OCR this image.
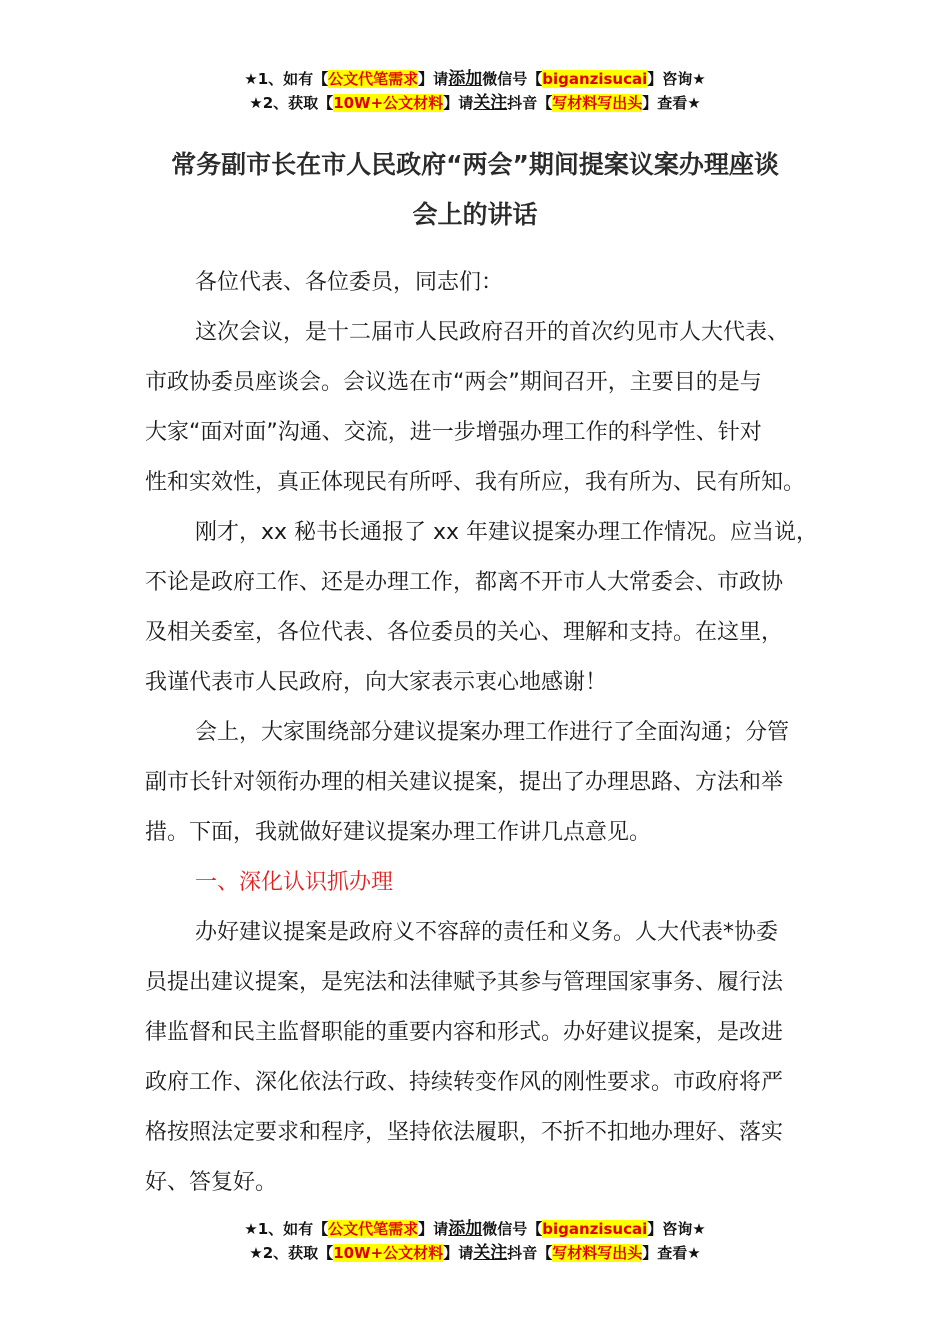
★1、如有【公文代笔需求】请添加微信号【biganzisucai】咨询★
★2、获取【10W+公文材料】请关注抖音【写材料写出头】查看★
常务副市长在市人民政府“两会”期间提案议案办理座谈
会上的讲话
各位代表、各位委员，同志们：
这次会议，是十二届市人民政府召开的首次约见市人大代表、
市政协委员座谈会。会议选在市“两会”期间召开，主要目的是与
大家“面对面”沟通、交流，进一步增强办理工作的科学性、针对
性和实效性，真正体现民有所呼、我有所应，我有所为、民有所知。
刚才，xx 秘书长通报了 xx 年建议提案办理工作情况。应当说，
不论是政府工作、还是办理工作，都离不开市人大常委会、市政协
及相关委室，各位代表、各位委员的关心、理解和支持。在这里，
我谨代表市人民政府，向大家表示衷心地感谢！
会上，大家围绕部分建议提案办理工作进行了全面沟通；分管
副市长针对领衔办理的相关建议提案，提出了办理思路、方法和举
措。下面，我就做好建议提案办理工作讲几点意见。
一、深化认识抓办理
办好建议提案是政府义不容辞的责任和义务。人大代表*协委
员提出建议提案，是宪法和法律赋予其参与管理国家事务、履行法
律监督和民主监督职能的重要内容和形式。办好建议提案，是改进
政府工作、深化依法行政、持续转变作风的刚性要求。市政府将严
格按照法定要求和程序，坚持依法履职，不折不扣地办理好、落实
好、答复好。
★1、如有【公文代笔需求】请添加微信号【biganzisucai】咨询★
★2、获取【10W+公文材料】请关注抖音【写材料写出头】查看★
